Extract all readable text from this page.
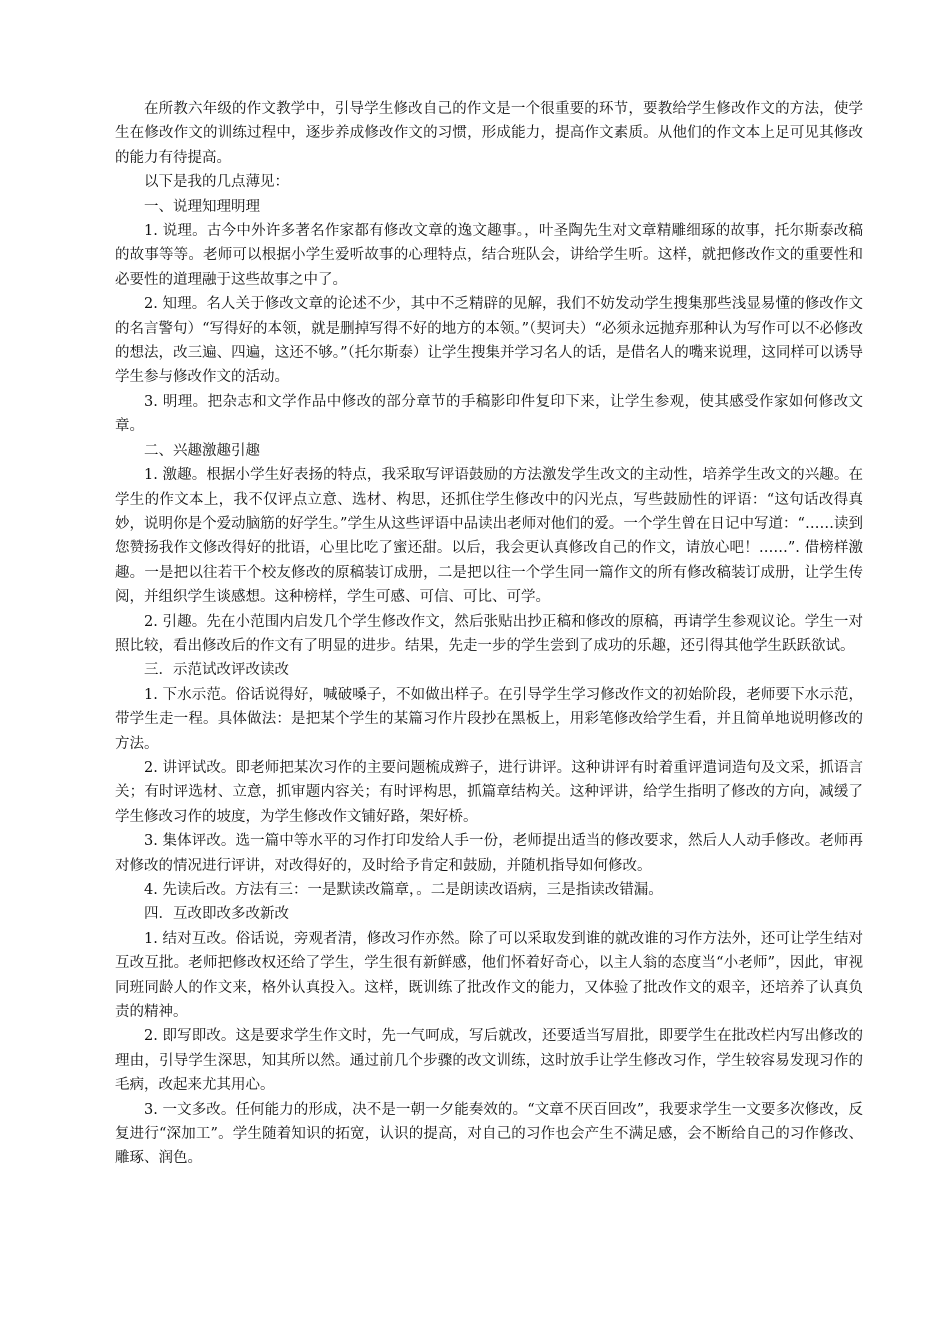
在所教六年级的作文教学中，引导学生修改自己的作文是一个很重要的环节，要教给学生修改作文的方法，使学生在修改作文的训练过程中，逐步养成修改作文的习惯，形成能力，提高作文素质。从他们的作文本上足可见其修改的能力有待提高。

以下是我的几点薄见：

一、说理知理明理

1. 说理。古今中外许多著名作家都有修改文章的逸文趣事。，叶圣陶先生对文章精雕细琢的故事，托尔斯泰改稿的故事等等。老师可以根据小学生爱听故事的心理特点，结合班队会，讲给学生听。这样，就把修改作文的重要性和必要性的道理融于这些故事之中了。

2. 知理。名人关于修改文章的论述不少，其中不乏精辟的见解，我们不妨发动学生搜集那些浅显易懂的修改作文的名言警句）“写得好的本领，就是删掉写得不好的地方的本领。”（契诃夫）“必须永远抛弃那种认为写作可以不必修改的想法，改三遍、四遍，这还不够。”（托尔斯泰）让学生搜集并学习名人的话，是借名人的嘴来说理，这同样可以诱导学生参与修改作文的活动。

3. 明理。把杂志和文学作品中修改的部分章节的手稿影印件复印下来，让学生参观，使其感受作家如何修改文章。

二、兴趣激趣引趣

1. 激趣。根据小学生好表扬的特点，我采取写评语鼓励的方法激发学生改文的主动性，培养学生改文的兴趣。在学生的作文本上，我不仅评点立意、选材、构思，还抓住学生修改中的闪光点，写些鼓励性的评语：“这句话改得真妙，说明你是个爱动脑筋的好学生。”学生从这些评语中品读出老师对他们的爱。一个学生曾在日记中写道：“……读到您赞扬我作文修改得好的批语，心里比吃了蜜还甜。以后，我会更认真修改自己的作文，请放心吧！……”. 借榜样激趣。一是把以往若干个校友修改的原稿装订成册，二是把以往一个学生同一篇作文的所有修改稿装订成册，让学生传阅，并组织学生谈感想。这种榜样，学生可感、可信、可比、可学。

2. 引趣。先在小范围内启发几个学生修改作文，然后张贴出抄正稿和修改的原稿，再请学生参观议论。学生一对照比较，看出修改后的作文有了明显的进步。结果，先走一步的学生尝到了成功的乐趣，还引得其他学生跃跃欲试。

三．示范试改评改读改

1. 下水示范。俗话说得好，喊破嗓子，不如做出样子。在引导学生学习修改作文的初始阶段，老师要下水示范，带学生走一程。具体做法：是把某个学生的某篇习作片段抄在黑板上，用彩笔修改给学生看，并且简单地说明修改的方法。

2. 讲评试改。即老师把某次习作的主要问题梳成辫子，进行讲评。这种讲评有时着重评遣词造句及文采，抓语言关；有时评选材、立意，抓审题内容关；有时评构思，抓篇章结构关。这种评讲，给学生指明了修改的方向，减缓了学生修改习作的坡度，为学生修改作文铺好路，架好桥。

3. 集体评改。选一篇中等水平的习作打印发给人手一份，老师提出适当的修改要求，然后人人动手修改。老师再对修改的情况进行评讲，对改得好的，及时给予肯定和鼓励，并随机指导如何修改。

4. 先读后改。方法有三：一是默读改篇章，。二是朗读改语病，三是指读改错漏。

四．互改即改多改新改

1. 结对互改。俗话说，旁观者清，修改习作亦然。除了可以采取发到谁的就改谁的习作方法外，还可让学生结对互改互批。老师把修改权还给了学生，学生很有新鲜感，他们怀着好奇心，以主人翁的态度当“小老师”，因此，审视同班同龄人的作文来，格外认真投入。这样，既训练了批改作文的能力，又体验了批改作文的艰辛，还培养了认真负责的精神。

2. 即写即改。这是要求学生作文时，先一气呵成，写后就改，还要适当写眉批，即要学生在批改栏内写出修改的理由，引导学生深思，知其所以然。通过前几个步骤的改文训练，这时放手让学生修改习作，学生较容易发现习作的毛病，改起来尤其用心。

3. 一文多改。任何能力的形成，决不是一朝一夕能奏效的。“文章不厌百回改”，我要求学生一文要多次修改，反复进行“深加工”。学生随着知识的拓宽，认识的提高，对自己的习作也会产生不满足感，会不断给自己的习作修改、雕琢、润色。
